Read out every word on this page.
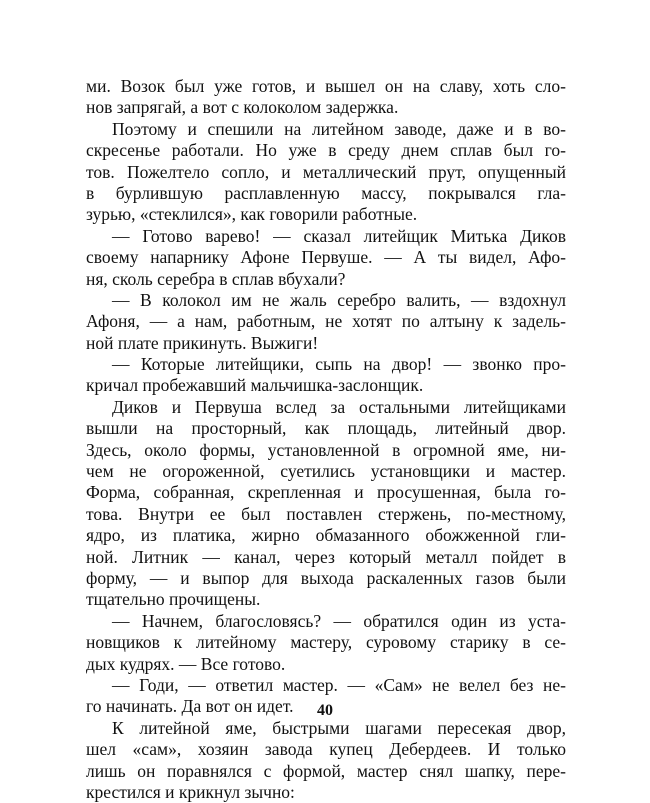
ми. Возок был уже готов, и вышел он на славу, хоть сло-
нов запрягай, а вот с колоколом задержка.
Поэтому и спешили на литейном заводе, даже и в во-
скресенье работали. Но уже в среду днем сплав был го-
тов. Пожелтело сопло, и металлический прут, опущенный
в бурлившую расплавленную массу, покрывался гла-
зурью, «стеклился», как говорили работные.
— Готово варево! — сказал литейщик Митька Диков
своему напарнику Афоне Первуше. — А ты видел, Афо-
ня, сколь серебра в сплав вбухали?
— В колокол им не жаль серебро валить, — вздохнул
Афоня, — а нам, работным, не хотят по алтыну к задель-
ной плате прикинуть. Выжиги!
— Которые литейщики, сыпь на двор! — звонко про-
кричал пробежавший мальчишка-заслонщик.
Диков и Первуша вслед за остальными литейщиками
вышли на просторный, как площадь, литейный двор.
Здесь, около формы, установленной в огромной яме, ни-
чем не огороженной, суетились установщики и мастер.
Форма, собранная, скрепленная и просушенная, была го-
това. Внутри ее был поставлен стержень, по-местному,
ядро, из платика, жирно обмазанного обожженной гли-
ной. Литник — канал, через который металл пойдет в
форму, — и выпор для выхода раскаленных газов были
тщательно прочищены.
— Начнем, благословясь? — обратился один из уста-
новщиков к литейному мастеру, суровому старику в се-
дых кудрях. — Все готово.
— Годи, — ответил мастер. — «Сам» не велел без не-
го начинать. Да вот он идет.
К литейной яме, быстрыми шагами пересекая двор,
шел «сам», хозяин завода купец Дебердеев. И только
лишь он поравнялся с формой, мастер снял шапку, пере-
крестился и крикнул зычно:
40
